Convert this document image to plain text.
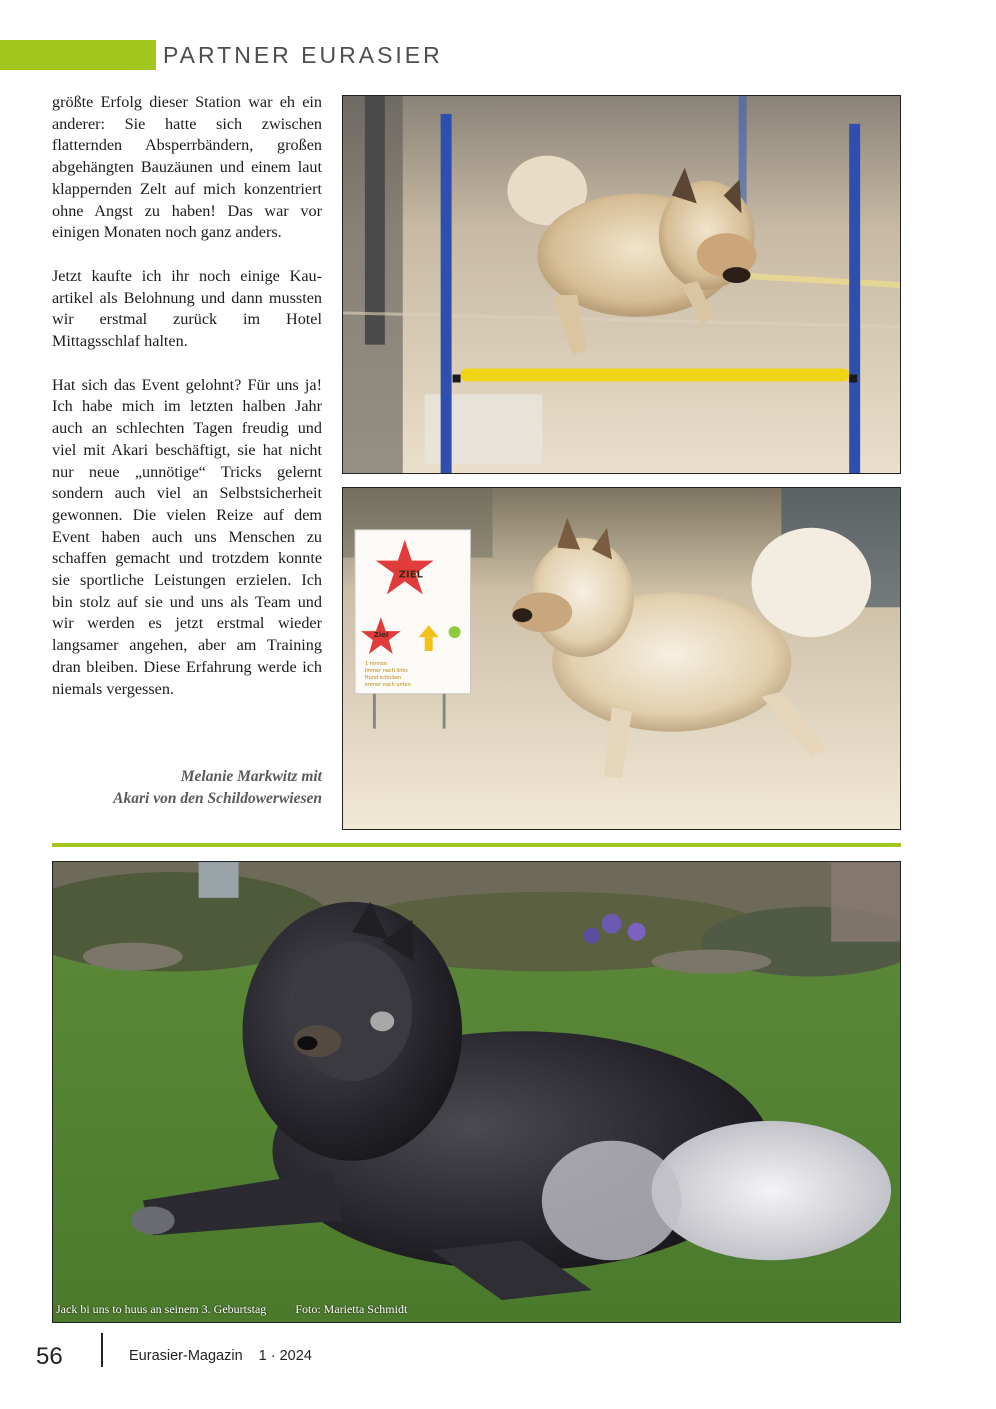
PARTNER EURASIER

größte Erfolg dieser Station war eh ein anderer: Sie hatte sich zwischen flatternden Absperrbändern, großen abgehängten Bauzäunen und einem laut klappernden Zelt auf mich konzentriert ohne Angst zu haben! Das war vor einigen Monaten noch ganz anders.

Jetzt kaufte ich ihr noch einige Kauartikel als Belohnung und dann mussten wir erstmal zurück im Hotel Mittagsschlaf halten.

Hat sich das Event gelohnt? Für uns ja! Ich habe mich im letzten halben Jahr auch an schlechten Tagen freudig und viel mit Akari beschäftigt, sie hat nicht nur neue „unnötige“ Tricks gelernt sondern auch viel an Selbstsicherheit gewonnen. Die vielen Reize auf dem Event haben auch uns Menschen zu schaffen gemacht und trotzdem konnte sie sportliche Leistungen erzielen. Ich bin stolz auf sie und uns als Team und wir werden es jetzt erstmal wieder langsamer angehen, aber am Training dran bleiben. Diese Erfahrung werde ich niemals vergessen.

Melanie Markwitz mit
Akari von den Schildowerwiesen
ZIEL
Ziel
1 rennen
Immer nach links
Hund schicken
immer nach unten
Jack bi uns to huus an seinem 3. Geburtstag Foto: Marietta Schmidt
56	Eurasier-Magazin 1 · 2024
